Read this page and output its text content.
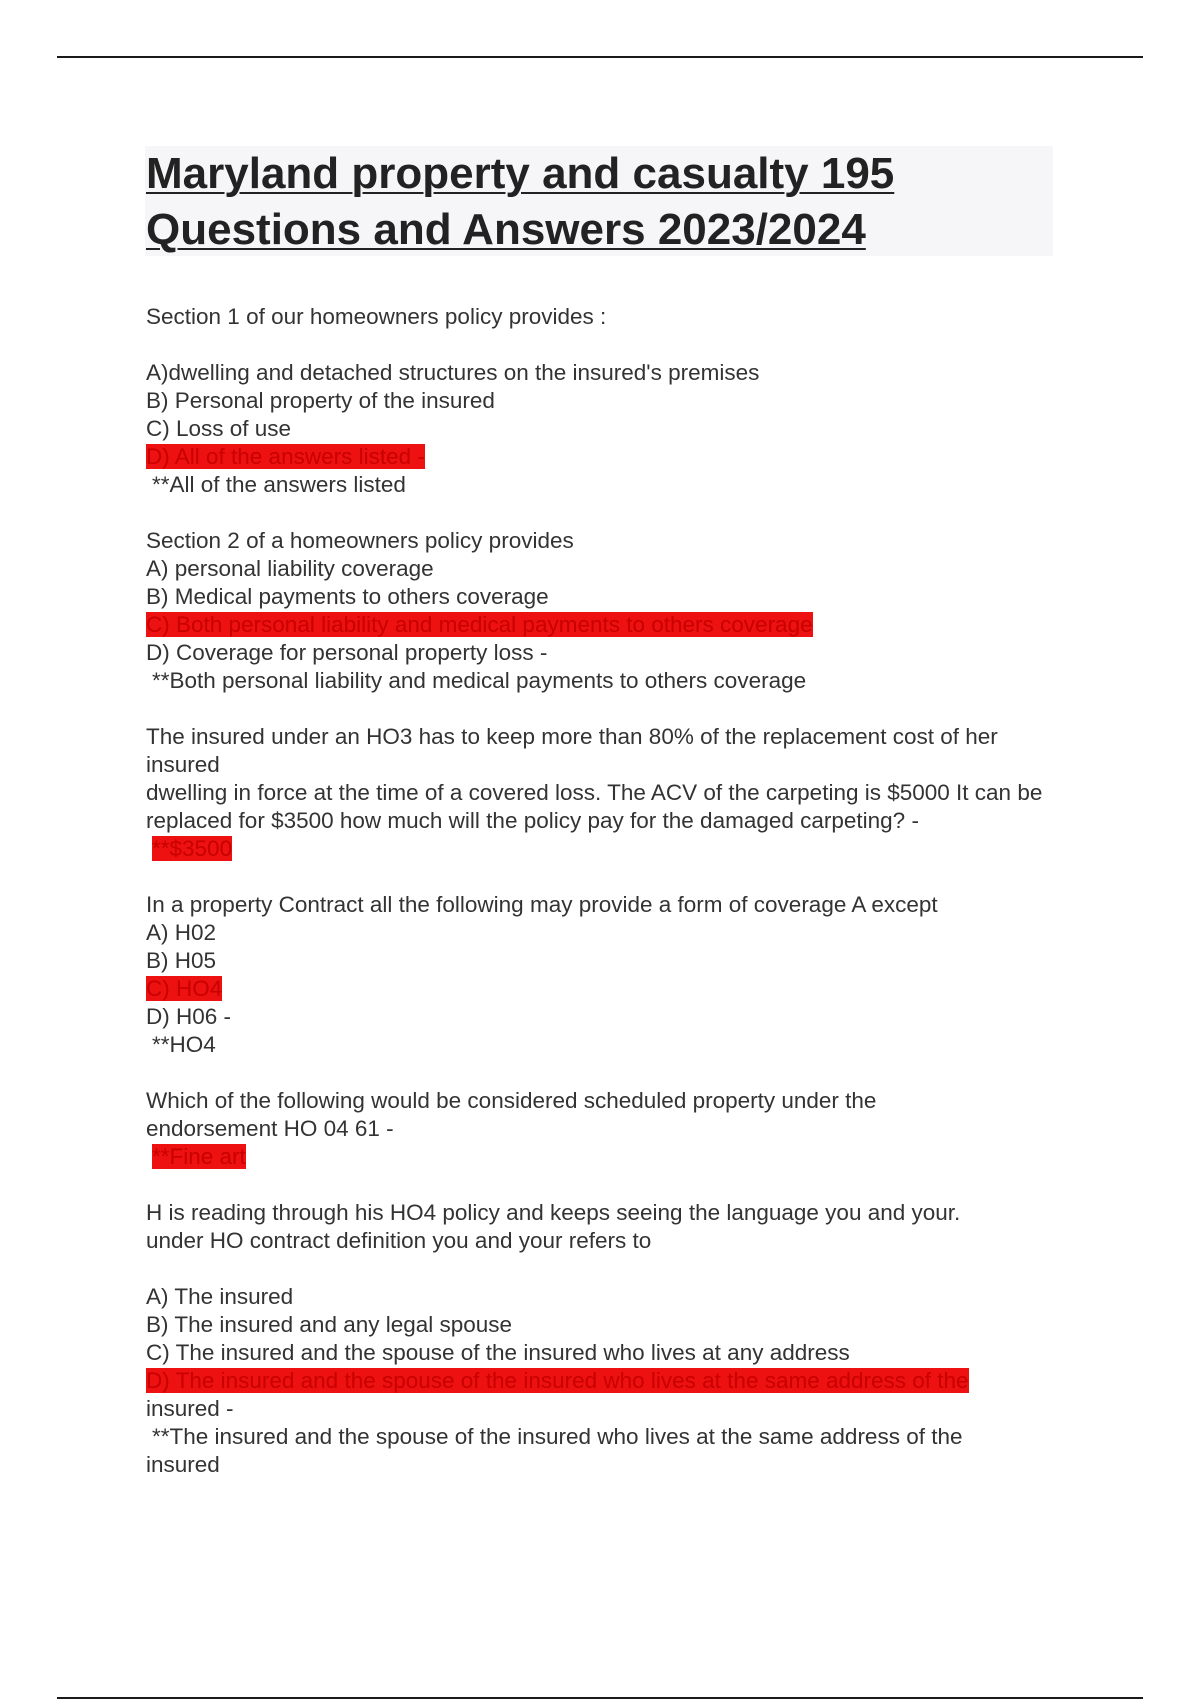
Maryland property and casualty 195 Questions and Answers 2023/2024
Section 1 of our homeowners policy provides :
A)dwelling and detached structures on the insured's premises
B) Personal property of the insured
C) Loss of use
D) All of the answers listed -
**All of the answers listed
Section 2 of a homeowners policy provides
A) personal liability coverage
B) Medical payments to others coverage
C) Both personal liability and medical payments to others coverage
D) Coverage for personal property loss -
**Both personal liability and medical payments to others coverage
The insured under an HO3 has to keep more than 80% of the replacement cost of her insured
dwelling in force at the time of a covered loss. The ACV of the carpeting is $5000 It can be
replaced for $3500 how much will the policy pay for the damaged carpeting? -
**$3500
In a property Contract all the following may provide a form of coverage A except
A) H02
B) H05
C) HO4
D) H06 -
**HO4
Which of the following would be considered scheduled property under the
endorsement HO 04 61 -
**Fine art
H is reading through his HO4 policy and keeps seeing the language you and your.
under HO contract definition you and your refers to
A) The insured
B) The insured and any legal spouse
C) The insured and the spouse of the insured who lives at any address
D) The insured and the spouse of the insured who lives at the same address of the
insured -
**The insured and the spouse of the insured who lives at the same address of the
insured
